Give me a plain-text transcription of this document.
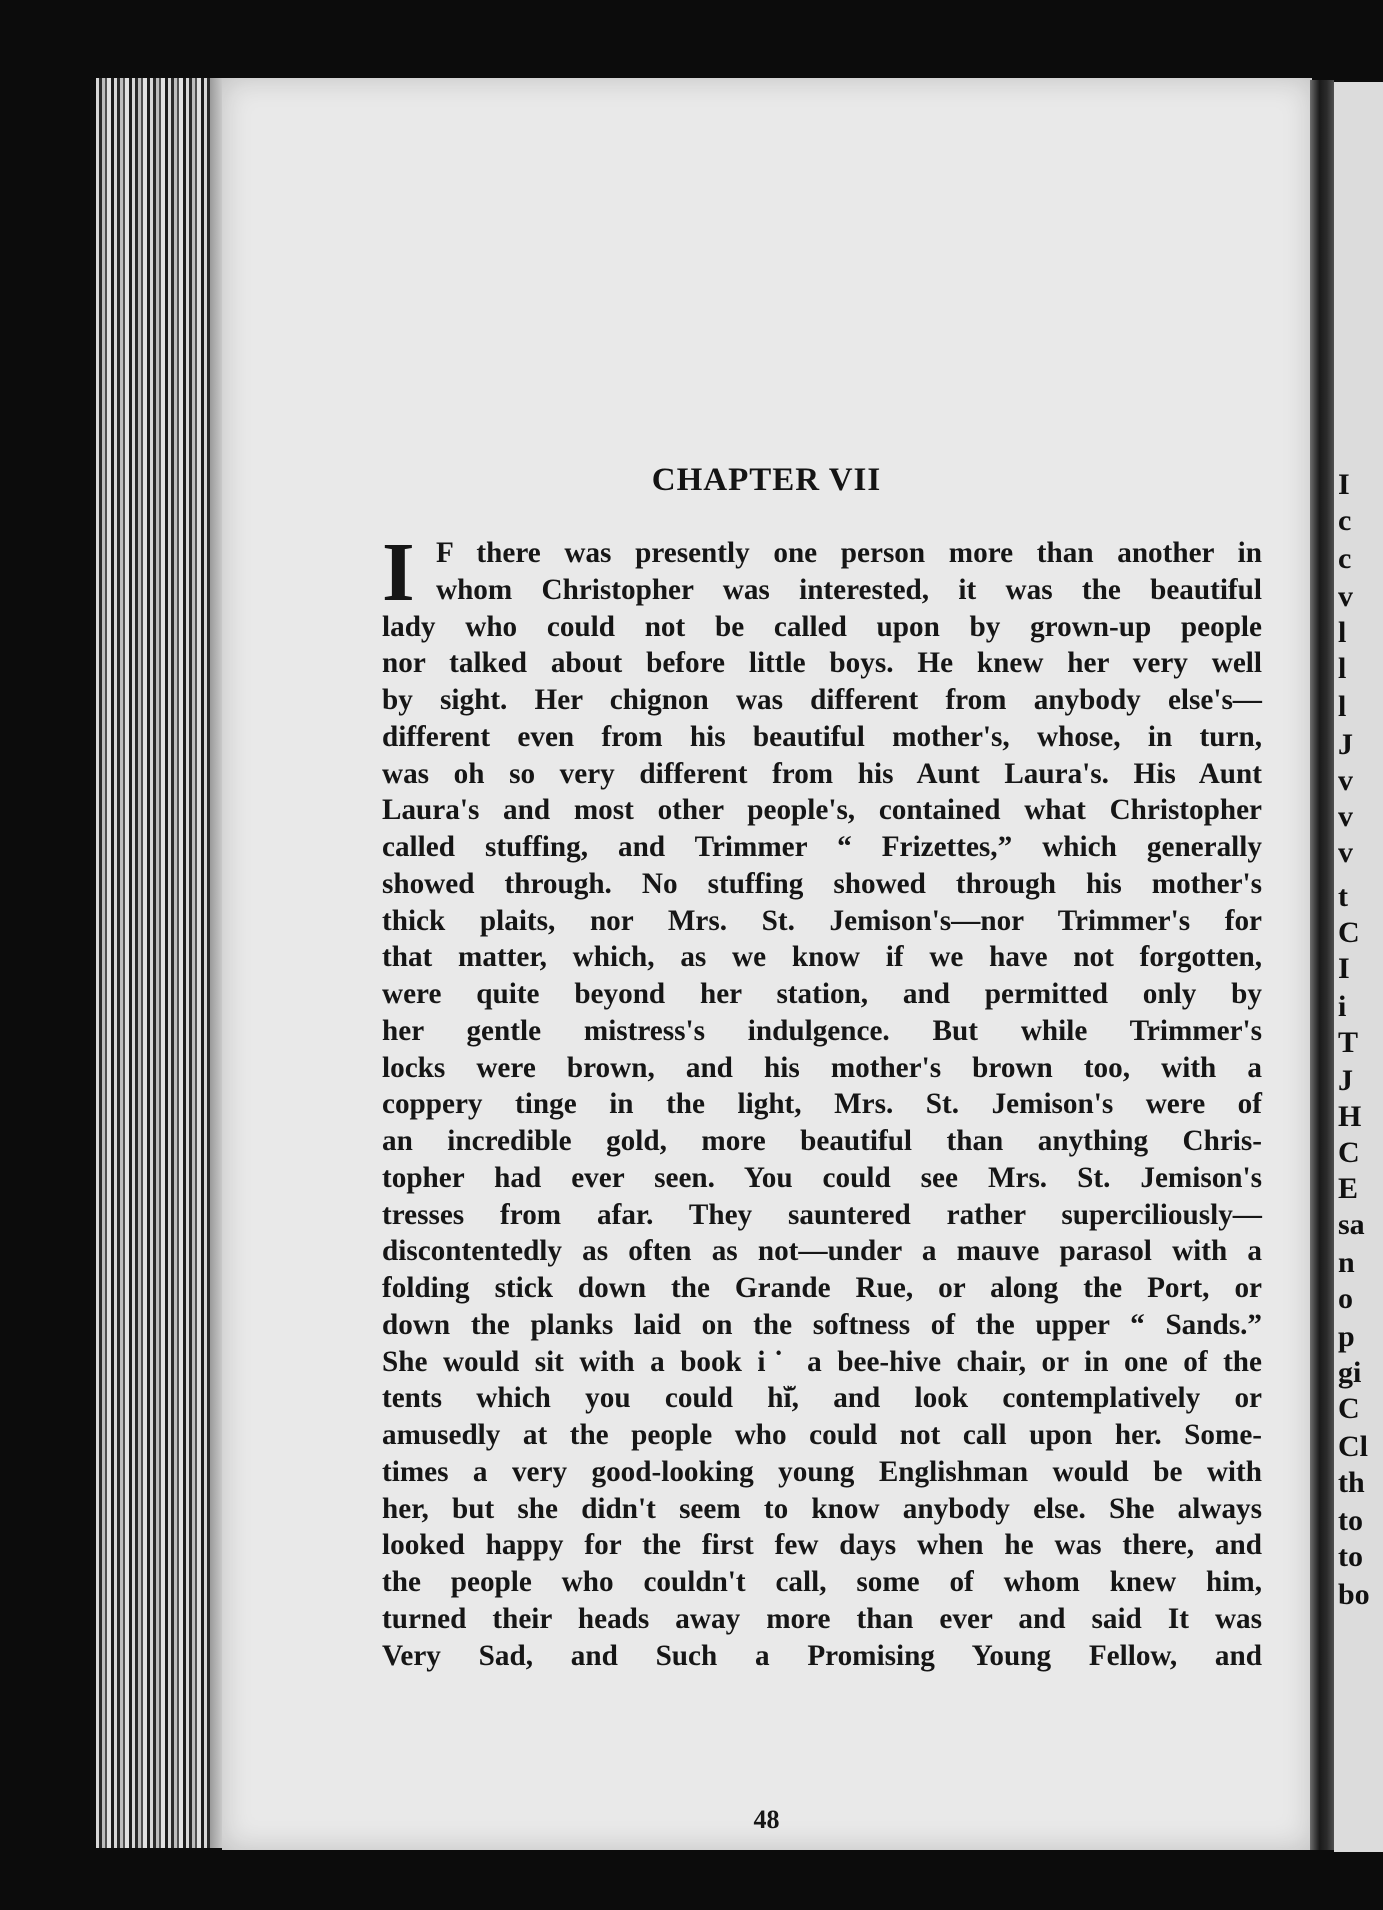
I
c
c
v
l
l
l
J
v
v
v
t
C
I
i
T
J
H
C
E
sa
n
o
p
gi
C
Cl
th
to
to
bo
CHAPTER VII
I F there was presently one person more than another in
whom Christopher was interested, it was the beautiful
lady who could not be called upon by grown-up people
nor talked about before little boys. He knew her very well
by sight. Her chignon was different from anybody else's—
different even from his beautiful mother's, whose, in turn,
was oh so very different from his Aunt Laura's. His Aunt
Laura's and most other people's, contained what Christopher
called stuffing, and Trimmer “ Frizettes,” which generally
showed through. No stuffing showed through his mother's
thick plaits, nor Mrs. St. Jemison's—nor Trimmer's for
that matter, which, as we know if we have not forgotten,
were quite beyond her station, and permitted only by
her gentle mistress's indulgence. But while Trimmer's
locks were brown, and his mother's brown too, with a
coppery tinge in the light, Mrs. St. Jemison's were of
an incredible gold, more beautiful than anything Chris-
topher had ever seen. You could see Mrs. St. Jemison's
tresses from afar. They sauntered rather superciliously—
discontentedly as often as not—under a mauve parasol with a
folding stick down the Grande Rue, or along the Port, or
down the planks laid on the softness of the upper “ Sands.”
She would sit with a book i˙ a bee-hive chair, or in one of the
tents which you could hĭ̆, and look contemplatively or
amusedly at the people who could not call upon her. Some-
times a very good-looking young Englishman would be with
her, but she didn't seem to know anybody else. She always
looked happy for the first few days when he was there, and
the people who couldn't call, some of whom knew him,
turned their heads away more than ever and said It was
Very Sad, and Such a Promising Young Fellow, and
48
